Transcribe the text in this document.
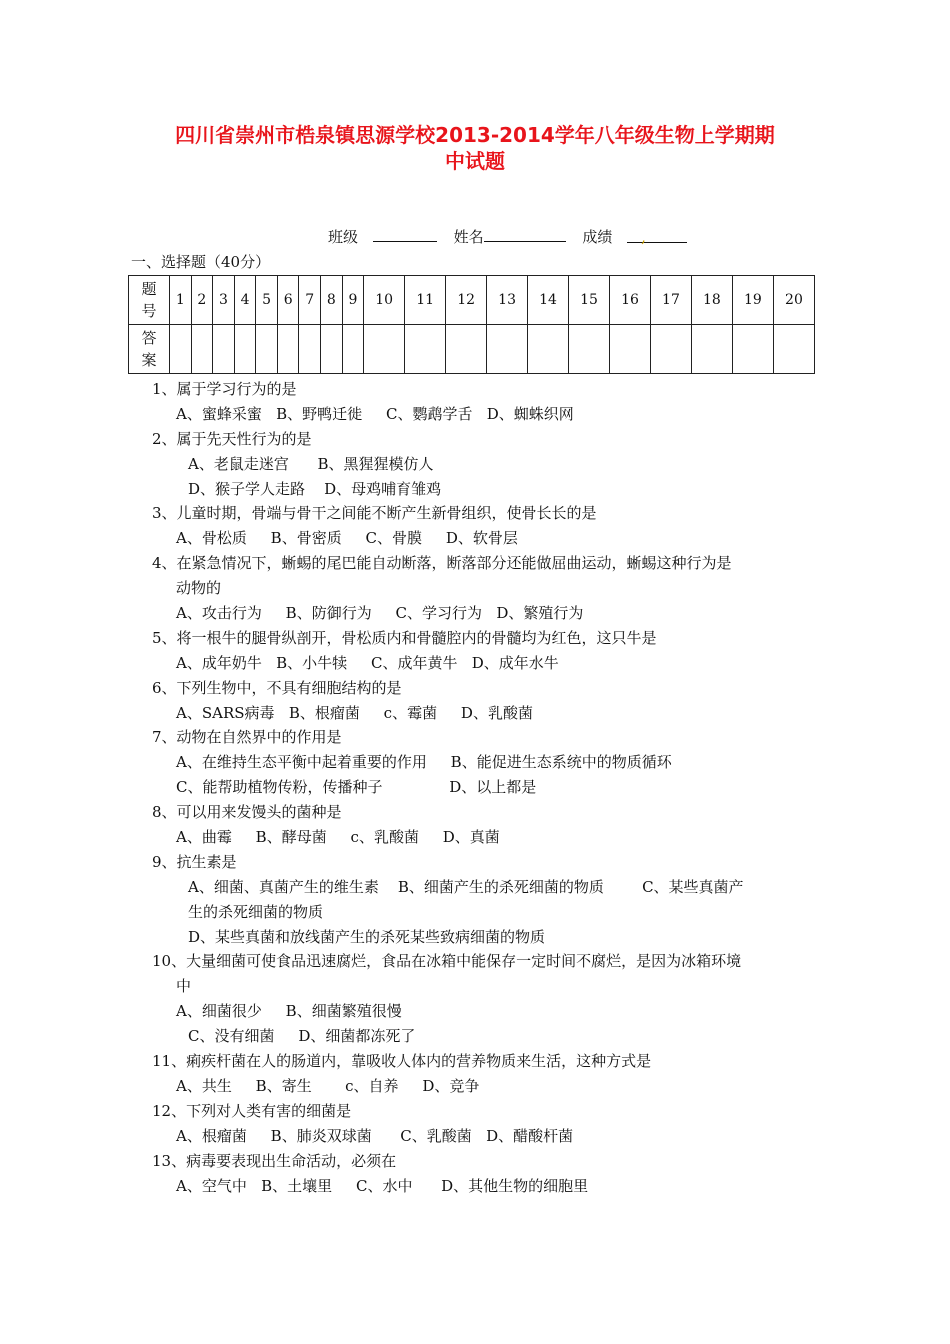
四川省崇州市梏泉镇思源学校2013-2014学年八年级生物上学期期
中试题
班级	姓名	成绩 ,
一、选择题（40分）
题
号	1	2	3	4	5	6	7	8	9	10	11	12	13	14	15	16	17	18	19	20

答
案																				

1、属于学习行为的是
A、蜜蜂采蜜   B、野鸭迁徙     C、鹦鹉学舌   D、蜘蛛织网
2、属于先天性行为的是
A、老鼠走迷宫      B、黑猩猩模仿人
D、猴子学人走路    D、母鸡哺育雏鸡
3、儿童时期，骨端与骨干之间能不断产生新骨组织，使骨长长的是
A、骨松质     B、骨密质     C、骨膜     D、软骨层
4、在紧急情况下，蜥蜴的尾巴能自动断落，断落部分还能做屈曲运动，蜥蜴这种行为是
动物的
A、攻击行为     B、防御行为     C、学习行为   D、繁殖行为
5、将一根牛的腿骨纵剖开，骨松质内和骨髓腔内的骨髓均为红色，这只牛是
A、成年奶牛   B、小牛犊     C、成年黄牛   D、成年水牛
6、下列生物中，不具有细胞结构的是
A、SARS病毒   B、根瘤菌     c、霉菌     D、乳酸菌
7、动物在自然界中的作用是
A、在维持生态平衡中起着重要的作用     B、能促进生态系统中的物质循环
C、能帮助植物传粉，传播种子              D、以上都是
8、可以用来发馒头的菌种是
A、曲霉     B、酵母菌     c、乳酸菌     D、真菌
9、抗生素是
A、细菌、真菌产生的维生素    B、细菌产生的杀死细菌的物质        C、某些真菌产
生的杀死细菌的物质
D、某些真菌和放线菌产生的杀死某些致病细菌的物质
10、大量细菌可使食品迅速腐烂，食品在冰箱中能保存一定时间不腐烂，是因为冰箱环境
中
A、细菌很少     B、细菌繁殖很慢
C、没有细菌     D、细菌都冻死了
11、痢疾杆菌在人的肠道内，靠吸收人体内的营养物质来生活，这种方式是
A、共生     B、寄生       c、自养     D、竞争
12、下列对人类有害的细菌是
A、根瘤菌     B、肺炎双球菌      C、乳酸菌   D、醋酸杆菌
13、病毒要表现出生命活动，必须在
A、空气中   B、土壤里     C、水中      D、其他生物的细胞里
